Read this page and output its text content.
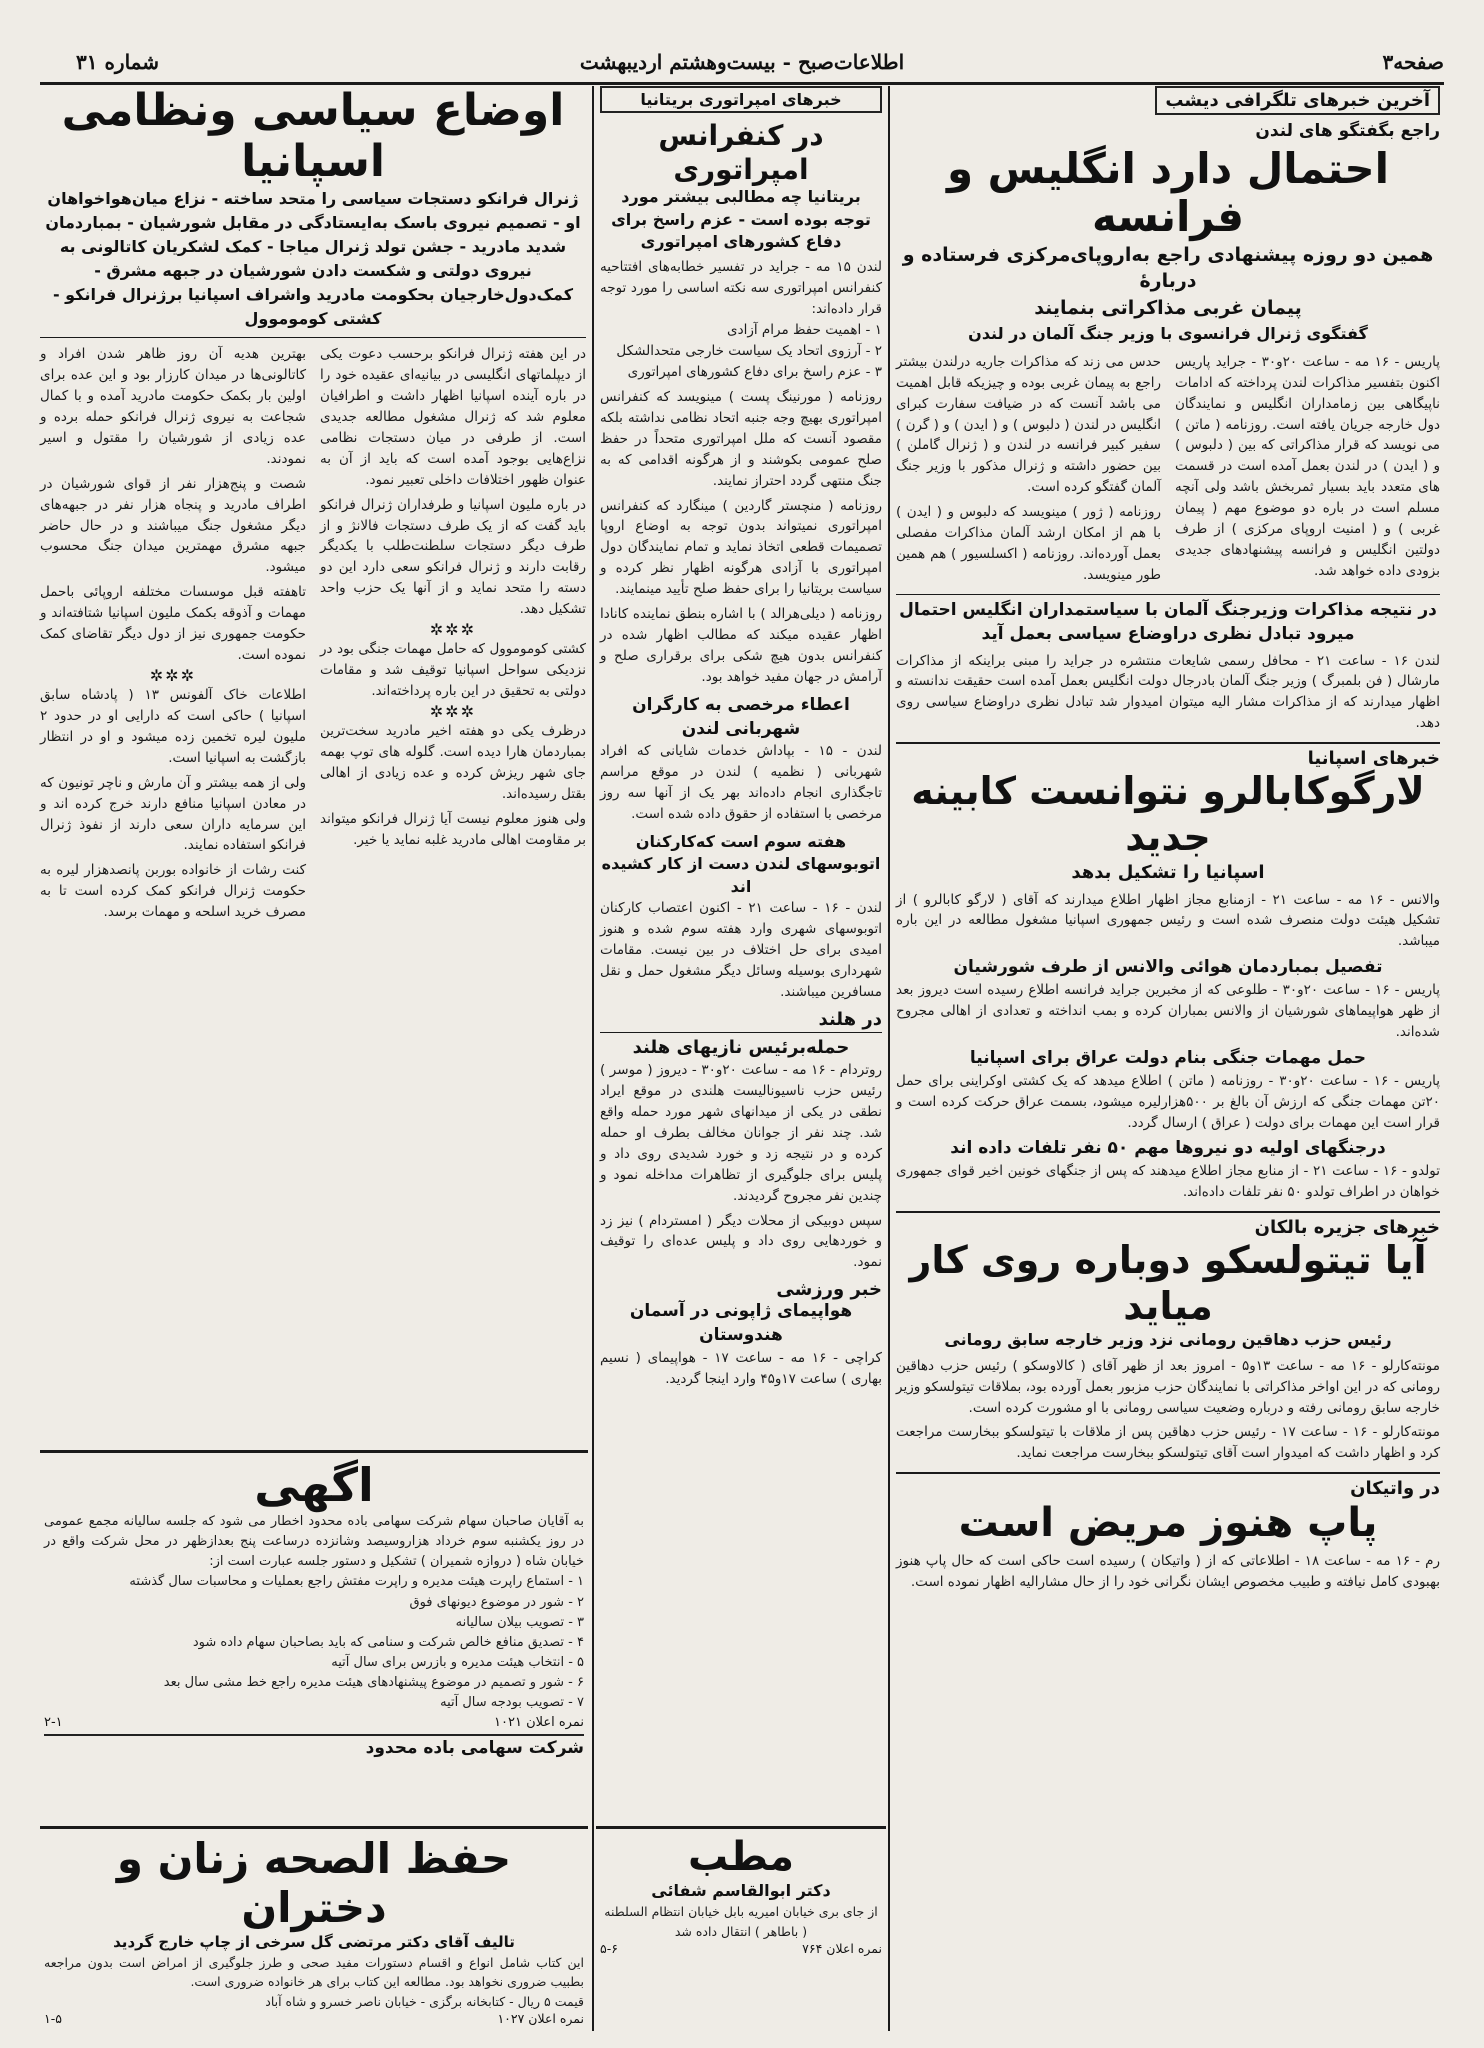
صفحه۳
اطلاعات‌صبح - بیست‌وهشتم اردیبهشت
شماره ۳۱
آخرین خبرهای تلگرافی دیشب
راجع بگفتگو های لندن
احتمال دارد انگلیس و فرانسه
همین دو روزه پیشنهادی راجع به‌اروپای‌مرکزی فرستاده و دربارهٔ
پیمان غربی مذاکراتی بنمایند
گفتگوی ژنرال فرانسوی با وزیر جنگ آلمان در لندن
پاریس - ۱۶ مه - ساعت ۲۰و۳۰ - جراید پاریس اکنون بتفسیر مذاکرات لندن پرداخته که ادامات ناپیگاهی بین زمامداران انگلیس و نمایندگان دول خارجه جریان یافته است. روزنامه ( ماتن ) می نویسد که قرار مذاکراتی که بین ( دلبوس ) و ( ایدن ) در لندن بعمل آمده است در قسمت های متعدد باید بسیار ثمربخش باشد ولی آنچه مسلم است در باره دو موضوع مهم ( پیمان غربی ) و ( امنیت اروپای مرکزی ) از طرف دولتین انگلیس و فرانسه پیشنهادهای جدیدی بزودی داده خواهد شد.
حدس می زند که مذاکرات جاریه درلندن بیشتر راجع به پیمان غربی بوده و چیزیکه قابل اهمیت می باشد آنست که در ضیافت سفارت کبرای انگلیس در لندن ( دلبوس ) و ( ایدن ) و ( گرن ) سفیر کبیر فرانسه در لندن و ( ژنرال گاملن ) بین حضور داشته و ژنرال مذکور با وزیر جنگ آلمان گفتگو کرده است.
روزنامه ( ژور ) مینویسد که دلبوس و ( ایدن ) با هم از امکان ارشد آلمان مذاکرات مفصلی بعمل آورده‌اند. روزنامه ( اکسلسیور ) هم همین طور مینویسد.
در نتیجه مذاکرات وزیرجنگ آلمان با سیاستمداران انگلیس احتمال میرود تبادل نظری دراوضاع سیاسی بعمل آید
لندن ۱۶ - ساعت ۲۱ - محافل رسمی شایعات منتشره در جراید را مبنی براینکه از مذاکرات مارشال ( فن بلمبرگ ) وزیر جنگ آلمان بادرجال دولت انگلیس بعمل آمده است حقیقت ندانسته و اظهار میدارند که از مذاکرات مشار الیه میتوان امیدوار شد تبادل نظری دراوضاع سیاسی روی دهد.
خبرهای اسپانیا
لارگوکابالرو نتوانست کابینه جدید
اسپانیا را تشکیل بدهد
والانس - ۱۶ مه - ساعت ۲۱ - ازمنابع مجاز اظهار اطلاع میدارند که آقای ( لارگو کابالرو ) از تشکیل هیئت دولت منصرف شده است و رئیس جمهوری اسپانیا مشغول مطالعه در این باره میباشد.
تفصیل بمباردمان هوائی والانس از طرف شورشیان
پاریس - ۱۶ - ساعت ۲۰و۳۰ - طلوعی که از مخبرین جراید فرانسه اطلاع رسیده است دیروز بعد از ظهر هواپیماهای شورشیان از والانس بمباران کرده و بمب انداخته و تعدادی از اهالی مجروح شده‌اند.
حمل مهمات جنگی بنام دولت عراق برای اسپانیا
پاریس - ۱۶ - ساعت ۲۰و۳۰ - روزنامه ( ماتن ) اطلاع میدهد که یک کشتی اوکراینی برای حمل ۲۰تن مهمات جنگی که ارزش آن بالغ بر ۵۰۰هزارلیره میشود، بسمت عراق حرکت کرده است و قرار است این مهمات برای دولت ( عراق ) ارسال گردد.
درجنگهای اولیه دو نیروها مهم ۵۰ نفر تلفات داده اند
تولدو - ۱۶ - ساعت ۲۱ - از منابع مجاز اطلاع میدهند که پس از جنگهای خونین اخیر قوای جمهوری خواهان در اطراف تولدو ۵۰ نفر تلفات داده‌اند.
خبرهای جزیره بالکان
آیا تیتولسکو دوباره روی کار میاید
رئیس حزب دهاقین رومانی نزد وزیر خارجه سابق رومانی
مونته‌کارلو - ۱۶ مه - ساعت ۱۳و۵ - امروز بعد از ظهر آقای ( کالاوسکو ) رئیس حزب دهاقین رومانی که در این اواخر مذاکراتی با نمایندگان حزب مزبور بعمل آورده بود، بملاقات تیتولسکو وزیر خارجه سابق رومانی رفته و درباره وضعیت سیاسی رومانی با او مشورت کرده است.
مونته‌کارلو - ۱۶ - ساعت ۱۷ - رئیس حزب دهاقین پس از ملاقات با تیتولسکو ببخارست مراجعت کرد و اظهار داشت که امیدوار است آقای تیتولسکو ببخارست مراجعت نماید.
در واتیکان
پاپ هنوز مریض است
رم - ۱۶ مه - ساعت ۱۸ - اطلاعاتی که از ( واتیکان ) رسیده است حاکی است که حال پاپ هنوز بهبودی کامل نیافته و طبیب مخصوص ایشان نگرانی خود را از حال مشارالیه اظهار نموده است.
خبرهای امپراتوری بریتانیا
در کنفرانس امپراتوری
بریتانیا چه مطالبی بیشتر مورد توجه بوده است - عزم راسخ برای دفاع کشورهای امپراتوری
لندن ۱۵ مه - جراید در تفسیر خطابه‌های افتتاحیه کنفرانس امپراتوری سه نکته اساسی را مورد توجه قرار داده‌اند:
۱ - اهمیت حفظ مرام آزادی
۲ - آرزوی اتحاد یک سیاست خارجی متحدالشکل
۳ - عزم راسخ برای دفاع کشورهای امپراتوری
روزنامه ( مورنینگ پست ) مینویسد که کنفرانس امپراتوری بهیچ وجه جنبه اتحاد نظامی نداشته بلکه مقصود آنست که ملل امپراتوری متحداً در حفظ صلح عمومی بکوشند و از هرگونه اقدامی که به جنگ منتهی گردد احتراز نمایند.
روزنامه ( منچستر گاردین ) مینگارد که کنفرانس امپراتوری نمیتواند بدون توجه به اوضاع اروپا تصمیمات قطعی اتخاذ نماید و تمام نمایندگان دول امپراتوری با آزادی هرگونه اظهار نظر کرده و سیاست بریتانیا را برای حفظ صلح تأیید مینمایند.
روزنامه ( دیلی‌هرالد ) با اشاره بنطق نماینده کانادا اظهار عقیده میکند که مطالب اظهار شده در کنفرانس بدون هیچ شکی برای برقراری صلح و آرامش در جهان مفید خواهد بود.
اعطاء مرخصی به کارگران شهربانی لندن
لندن - ۱۵ - بپاداش خدمات شایانی که افراد شهربانی ( نظمیه ) لندن در موقع مراسم تاجگذاری انجام داده‌اند بهر یک از آنها سه روز مرخصی با استفاده از حقوق داده شده است.
هفته سوم است که‌کارکنان اتوبوسهای لندن دست از کار کشیده اند
لندن - ۱۶ - ساعت ۲۱ - اکنون اعتصاب کارکنان اتوبوسهای شهری وارد هفته سوم شده و هنوز امیدی برای حل اختلاف در بین نیست. مقامات شهرداری بوسیله وسائل دیگر مشغول حمل و نقل مسافرین میباشند.
در هلند
حمله‌برئیس نازیهای هلند
روتردام - ۱۶ مه - ساعت ۲۰و۳۰ - دیروز ( موسر ) رئیس حزب ناسیونالیست هلندی در موقع ایراد نطقی در یکی از میدانهای شهر مورد حمله واقع شد. چند نفر از جوانان مخالف بطرف او حمله کرده و در نتیجه زد و خورد شدیدی روی داد و پلیس برای جلوگیری از تظاهرات مداخله نمود و چندین نفر مجروح گردیدند.
سپس دوبیکی از محلات دیگر ( امستردام ) نیز زد و خورد‌هایی روی داد و پلیس عده‌ای را توقیف نمود.
خبر ورزشی
هواپیمای ژاپونی در آسمان هندوستان
کراچی - ۱۶ مه - ساعت ۱۷ - هواپیمای ( نسیم بهاری ) ساعت ۱۷و۴۵ وارد اینجا گردید.
اوضاع سیاسی ونظامی اسپانیا
ژنرال فرانکو دستجات سیاسی را متحد ساخته - نزاع میان‌هواخواهان او - تصمیم نیروی باسک به‌ایستادگی در مقابل شورشیان - بمباردمان شدید مادرید - جشن تولد ژنرال میاجا - کمک لشکریان کاتالونی به نیروی دولتی و شکست دادن شورشیان در جبهه مشرق - کمک‌دول‌خارجیان بحکومت مادرید واشراف اسپانیا برژنرال فرانکو - کشتی کوموموول
در این هفته ژنرال فرانکو برحسب دعوت یکی از دیپلماتهای انگلیسی در بیانیه‌ای عقیده خود را در باره آینده اسپانیا اظهار داشت و اطرافیان معلوم شد که ژنرال مشغول مطالعه جدیدی است. از طرفی در میان دستجات نظامی نزاع‌هایی بوجود آمده است که باید از آن به عنوان ظهور اختلافات داخلی تعبیر نمود.
در باره ملیون اسپانیا و طرفداران ژنرال فرانکو باید گفت که از یک طرف دستجات فالانژ و از طرف دیگر دستجات سلطنت‌طلب با یکدیگر رقابت دارند و ژنرال فرانکو سعی دارد این دو دسته را متحد نماید و از آنها یک حزب واحد تشکیل دهد.
✲✲✲
کشتی کوموموول که حامل مهمات جنگی بود در نزدیکی سواحل اسپانیا توقیف شد و مقامات دولتی به تحقیق در این باره پرداخته‌اند.
✲✲✲
درظرف یکی دو هفته اخیر مادرید سخت‌ترین بمباردمان هارا دیده است. گلوله های توپ بهمه جای شهر ریزش کرده و عده زیادی از اهالی بقتل رسیده‌اند.
ولی هنوز معلوم نیست آیا ژنرال فرانکو میتواند بر مقاومت اهالی مادرید غلبه نماید یا خیر.
بهترین هدیه آن روز ظاهر شدن افراد و کاتالونی‌ها در میدان کارزار بود و این عده برای اولین بار بکمک حکومت مادرید آمده و با کمال شجاعت به نیروی ژنرال فرانکو حمله برده و عده زیادی از شورشیان را مقتول و اسیر نمودند.
شصت و پنج‌هزار نفر از قوای شورشیان در اطراف مادرید و پنجاه هزار نفر در جبهه‌های دیگر مشغول جنگ میباشند و در حال حاضر جبهه مشرق مهمترین میدان جنگ محسوب میشود.
تاهفته قبل موسسات مختلفه اروپائی باحمل مهمات و آذوقه بکمک ملیون اسپانیا شتافته‌اند و حکومت جمهوری نیز از دول دیگر تقاضای کمک نموده است.
✲✲✲
اطلاعات خاک آلفونس ۱۳ ( پادشاه سابق اسپانیا ) حاکی است که دارایی او در حدود ۲ ملیون لیره تخمین زده میشود و او در انتظار بازگشت به اسپانیا است.
ولی از همه بیشتر و آن مارش و ناچر تونیون که در معادن اسپانیا منافع دارند خرج کرده اند و این سرمایه داران سعی دارند از نفوذ ژنرال فرانکو استفاده نمایند.
کنت رشات از خانواده بوربن پانصدهزار لیره به حکومت ژنرال فرانکو کمک کرده است تا به مصرف خرید اسلحه و مهمات برسد.
اگهی
به آقایان صاحبان سهام شرکت سهامی باده محدود اخطار می شود که جلسه سالیانه مجمع عمومی در روز یکشنبه سوم خرداد هزاروسیصد وشانزده درساعت پنج بعدازظهر در محل شرکت واقع در خیابان شاه ( دروازه شمیران ) تشکیل و دستور جلسه عبارت است از:
۱ - استماع راپرت هیئت مدیره و راپرت مفتش راجع بعملیات و محاسبات سال گذشته
۲ - شور در موضوع دیونهای فوق
۳ - تصویب بیلان سالیانه
۴ - تصدیق منافع خالص شرکت و سنامی که باید بصاحبان سهام داده شود
۵ - انتخاب هیئت مدیره و بازرس برای سال آتیه
۶ - شور و تصمیم در موضوع پیشنهادهای هیئت مدیره راجع خط مشی سال بعد
۷ - تصویب بودجه سال آتیه
نمره اعلان ۱۰۲۱
۲-۱
شرکت سهامی باده محدود
حفظ الصحه زنان و دختران
تالیف آقای دکتر مرتضی گل سرخی از چاپ خارج گردید
این کتاب شامل انواع و اقسام دستورات مفید صحی و طرز جلوگیری از امراض است بدون مراجعه بطبیب ضروری نخواهد بود. مطالعه این کتاب برای هر خانواده ضروری است.
قیمت ۵ ریال - کتابخانه برگزی - خیابان ناصر خسرو و شاه آباد
نمره اعلان ۱۰۲۷
۱-۵
مطب
دکتر ابوالقاسم شفائی
از جای بری خیابان امیریه بابل خیابان انتظام السلطنه ( باطاهر ) انتقال داده شد
نمره اعلان ۷۶۴
۵-۶
